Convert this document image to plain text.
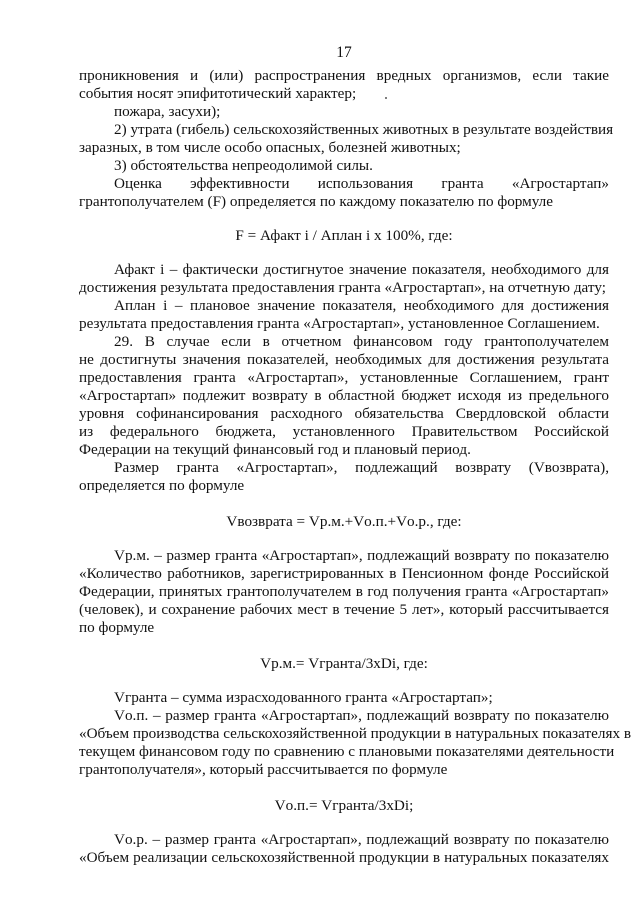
17
проникновения и (или) распространения вредных организмов, если такие
события носят эпифитотический характер;
пожара, засухи);
2) утрата (гибель) сельскохозяйственных животных в результате воздействия
заразных, в том числе особо опасных, болезней животных;
3) обстоятельства непреодолимой силы.
Оценка эффективности использования гранта «Агростартап»
грантополучателем (F) определяется по каждому показателю по формуле
F = Афакт i / Аплан i x 100%, где:
Афакт i – фактически достигнутое значение показателя, необходимого для
достижения результата предоставления гранта «Агростартап», на отчетную дату;
Аплан i – плановое значение показателя, необходимого для достижения
результата предоставления гранта «Агростартап», установленное Соглашением.
29. В случае если в отчетном финансовом году грантополучателем
не достигнуты значения показателей, необходимых для достижения результата
предоставления гранта «Агростартап», установленные Соглашением, грант
«Агростартап» подлежит возврату в областной бюджет исходя из предельного
уровня софинансирования расходного обязательства Свердловской области
из федерального бюджета, установленного Правительством Российской
Федерации на текущий финансовый год и плановый период.
Размер гранта «Агростартап», подлежащий возврату (Vвозврата),
определяется по формуле
Vвозврата = Vр.м.+Vо.п.+Vо.р., где:
Vр.м. – размер гранта «Агростартап», подлежащий возврату по показателю
«Количество работников, зарегистрированных в Пенсионном фонде Российской
Федерации, принятых грантополучателем в год получения гранта «Агростартап»
(человек), и сохранение рабочих мест в течение 5 лет», который рассчитывается
по формуле
Vр.м.= Vгранта/3xDi, где:
Vгранта – сумма израсходованного гранта «Агростартап»;
Vо.п. – размер гранта «Агростартап», подлежащий возврату по показателю
«Объем производства сельскохозяйственной продукции в натуральных показателях в
текущем финансовом году по сравнению с плановыми показателями деятельности
грантополучателя», который рассчитывается по формуле
Vо.п.= Vгранта/3xDi;
Vо.р. – размер гранта «Агростартап», подлежащий возврату по показателю
«Объем реализации сельскохозяйственной продукции в натуральных показателях
